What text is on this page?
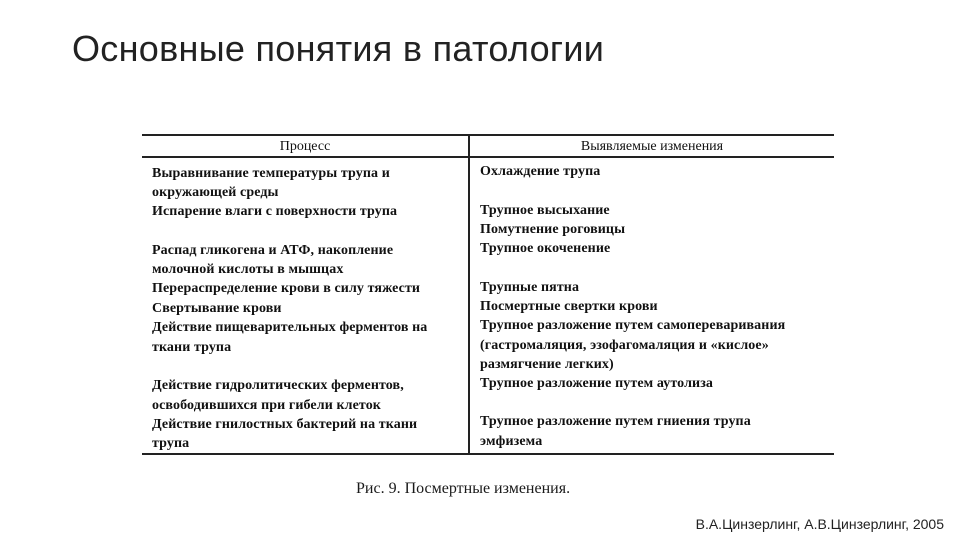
Основные понятия в патологии
Процесс	Выявляемые изменения
Выравнивание температуры трупа и
окружающей среды
Испарение влаги с поверхности трупа
Распад гликогена и АТФ, накопление
молочной кислоты в мышцах
Перераспределение крови в силу тяжести
Свертывание крови
Действие пищеварительных ферментов на
ткани трупа
Действие гидролитических ферментов,
освободившихся при гибели клеток
Действие гнилостных бактерий на ткани
трупа
Охлаждение трупа
Трупное высыхание
Помутнение роговицы
Трупное окоченение
Трупные пятна
Посмертные свертки крови
Трупное разложение путем самопереваривания
(гастромаляция, эзофагомаляция и «кислое»
размягчение легких)
Трупное разложение путем аутолиза
Трупное разложение путем гниения трупа
эмфизема
Рис. 9. Посмертные изменения.
В.А.Цинзерлинг, А.В.Цинзерлинг, 2005
